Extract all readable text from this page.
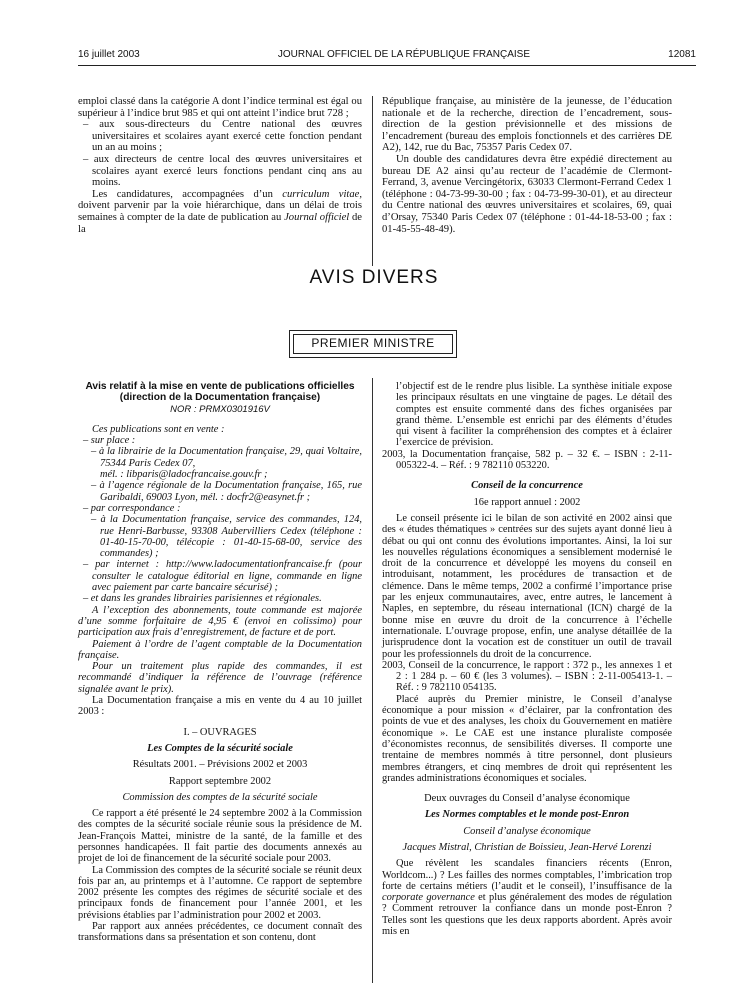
16 juillet 2003	JOURNAL OFFICIEL DE LA RÉPUBLIQUE FRANÇAISE	12081

emploi classé dans la catégorie A dont l’indice terminal est égal ou supérieur à l’indice brut 985 et qui ont atteint l’indice brut 728 ;

– aux sous-directeurs du Centre national des œuvres universitaires et scolaires ayant exercé cette fonction pendant un an au moins ;

– aux directeurs de centre local des œuvres universitaires et scolaires ayant exercé leurs fonctions pendant cinq ans au moins.

Les candidatures, accompagnées d’un curriculum vitae, doivent parvenir par la voie hiérarchique, dans un délai de trois semaines à compter de la date de publication au Journal officiel de la

République française, au ministère de la jeunesse, de l’éducation nationale et de la recherche, direction de l’encadrement, sous-direction de la gestion prévisionnelle et des missions de l’encadrement (bureau des emplois fonctionnels et des carrières DE A2), 142, rue du Bac, 75357 Paris Cedex 07.

Un double des candidatures devra être expédié directement au bureau DE A2 ainsi qu’au recteur de l’académie de Clermont-Ferrand, 3, avenue Vercingétorix, 63033 Clermont-Ferrand Cedex 1 (téléphone : 04-73-99-30-00 ; fax : 04-73-99-30-01), et au directeur du Centre national des œuvres universitaires et scolaires, 69, quai d’Orsay, 75340 Paris Cedex 07 (téléphone : 01-44-18-53-00 ; fax : 01-45-55-48-49).

AVIS DIVERS
PREMIER MINISTRE

Avis relatif à la mise en vente de publications officielles (direction de la Documentation française)

NOR : PRMX0301916V

Ces publications sont en vente :

– sur place :

– à la librairie de la Documentation française, 29, quai Voltaire, 75344 Paris Cedex 07,

mél. : libparis@ladocfrancaise.gouv.fr ;

– à l’agence régionale de la Documentation française, 165, rue Garibaldi, 69003 Lyon, mél. : docfr2@easynet.fr ;

– par correspondance :

– à la Documentation française, service des commandes, 124, rue Henri-Barbusse, 93308 Aubervilliers Cedex (téléphone : 01-40-15-70-00, télécopie : 01-40-15-68-00, service des commandes) ;

– par internet : http://www.ladocumentationfrancaise.fr (pour consulter le catalogue éditorial en ligne, commande en ligne avec paiement par carte bancaire sécurisé) ;

– et dans les grandes librairies parisiennes et régionales.

A l’exception des abonnements, toute commande est majorée d’une somme forfaitaire de 4,95 € (envoi en colissimo) pour participation aux frais d’enregistrement, de facture et de port.

Paiement à l’ordre de l’agent comptable de la Documentation française.

Pour un traitement plus rapide des commandes, il est recommandé d’indiquer la référence de l’ouvrage (référence signalée avant le prix).

La Documentation française a mis en vente du 4 au 10 juillet 2003 :

I. – OUVRAGES

Les Comptes de la sécurité sociale

Résultats 2001. – Prévisions 2002 et 2003

Rapport septembre 2002

Commission des comptes de la sécurité sociale

Ce rapport a été présenté le 24 septembre 2002 à la Commission des comptes de la sécurité sociale réunie sous la présidence de M. Jean-François Mattei, ministre de la santé, de la famille et des personnes handicapées. Il fait partie des documents annexés au projet de loi de financement de la sécurité sociale pour 2003.

La Commission des comptes de la sécurité sociale se réunit deux fois par an, au printemps et à l’automne. Ce rapport de septembre 2002 présente les comptes des régimes de sécurité sociale et des principaux fonds de financement pour l’année 2001, et les prévisions établies par l’administration pour 2002 et 2003.

Par rapport aux années précédentes, ce document connaît des transformations dans sa présentation et son contenu, dont

l’objectif est de le rendre plus lisible. La synthèse initiale expose les principaux résultats en une vingtaine de pages. Le détail des comptes est ensuite commenté dans des fiches organisées par grand thème. L’ensemble est enrichi par des éléments d’études qui visent à faciliter la compréhension des comptes et à éclairer l’exercice de prévision.

2003, la Documentation française, 582 p. – 32 €. – ISBN : 2-11-005322-4. – Réf. : 9 782110 053220.

Conseil de la concurrence

16e rapport annuel : 2002

Le conseil présente ici le bilan de son activité en 2002 ainsi que des « études thématiques » centrées sur des sujets ayant donné lieu à débat ou qui ont connu des évolutions importantes. Ainsi, la loi sur les nouvelles régulations économiques a sensiblement modernisé le droit de la concurrence et développé les moyens du conseil en introduisant, notamment, les procédures de transaction et de clémence. Dans le même temps, 2002 a confirmé l’importance prise par les enjeux communautaires, avec, entre autres, le lancement à Naples, en septembre, du réseau international (ICN) chargé de la bonne mise en œuvre du droit de la concurrence à l’échelle internationale. L’ouvrage propose, enfin, une analyse détaillée de la jurisprudence dont la vocation est de constituer un outil de travail pour les professionnels du droit de la concurrence.

2003, Conseil de la concurrence, le rapport : 372 p., les annexes 1 et 2 : 1 284 p. – 60 € (les 3 volumes). – ISBN : 2-11-005413-1. – Réf. : 9 782110 054135.

Placé auprès du Premier ministre, le Conseil d’analyse économique a pour mission « d’éclairer, par la confrontation des points de vue et des analyses, les choix du Gouvernement en matière économique ». Le CAE est une instance pluraliste composée d’économistes reconnus, de sensibilités diverses. Il comporte une trentaine de membres nommés à titre personnel, dont plusieurs membres étrangers, et cinq membres de droit qui représentent les grandes administrations économiques et sociales.

Deux ouvrages du Conseil d’analyse économique

Les Normes comptables et le monde post-Enron

Conseil d’analyse économique

Jacques Mistral, Christian de Boissieu, Jean-Hervé Lorenzi

Que révèlent les scandales financiers récents (Enron, Worldcom...) ? Les failles des normes comptables, l’imbrication trop forte de certains métiers (l’audit et le conseil), l’insuffisance de la corporate governance et plus généralement des modes de régulation ? Comment retrouver la confiance dans un monde post-Enron ? Telles sont les questions que les deux rapports abordent. Après avoir mis en
